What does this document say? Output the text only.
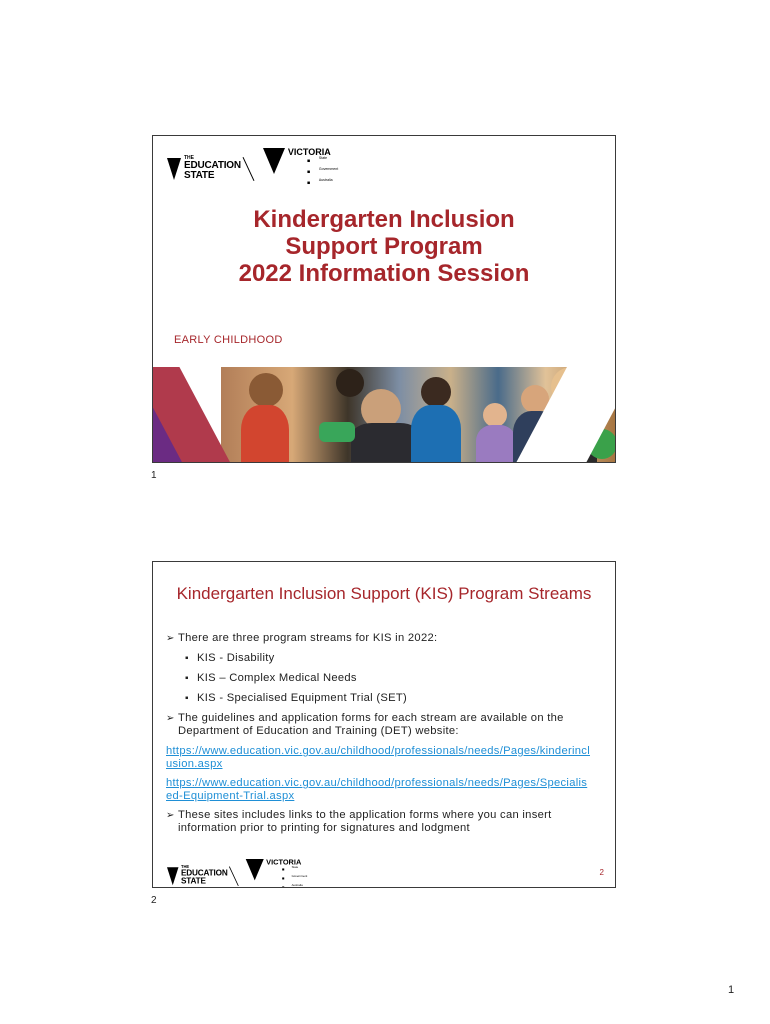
THE
EDUCATION
STATE
VICTORIA
▪ State
▪ Government
▪ Australia
Kindergarten Inclusion
Support Program
2022 Information Session
EARLY CHILDHOOD
1
Kindergarten Inclusion Support (KIS) Program Streams
➢ There are three program streams for KIS in 2022:
▪ KIS - Disability
▪ KIS – Complex Medical Needs
▪ KIS - Specialised Equipment Trial (SET)
➢ The guidelines and application forms for each stream are available on the Department of Education and Training (DET) website:
https://www.education.vic.gov.au/childhood/professionals/needs/Pages/kinderinclusion.aspx
https://www.education.vic.gov.au/childhood/professionals/needs/Pages/Specialised-Equipment-Trial.aspx
➢ These sites includes links to the application forms where you can insert information prior to printing for signatures and lodgment
THE
EDUCATION
STATE
VICTORIA
▪ State
▪ Government
▪ Australia
2
2
1
